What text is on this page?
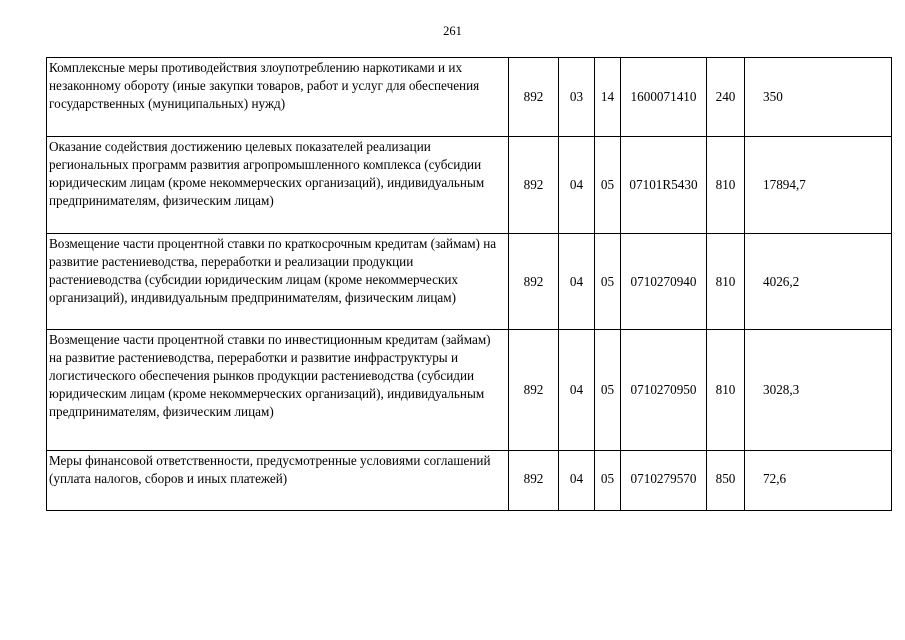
261
Комплексные меры противодействия злоупотреблению наркотиками и их незаконному обороту (иные закупки товаров, работ и услуг для обеспечения государственных (муниципальных) нужд)	892	03	14	1600071410	240	350
Оказание содействия достижению целевых показателей реализации региональных программ развития агропромышленного комплекса (субсидии юридическим лицам (кроме некоммерческих организаций), индивидуальным предпринимателям, физическим лицам)	892	04	05	07101R5430	810	17894,7
Возмещение части процентной ставки по краткосрочным кредитам (займам) на развитие растениеводства, переработки и реализации продукции растениеводства (субсидии юридическим лицам (кроме некоммерческих организаций), индивидуальным предпринимателям, физическим лицам)	892	04	05	0710270940	810	4026,2
Возмещение части процентной ставки по инвестиционным кредитам (займам) на развитие растениеводства, переработки и развитие инфраструктуры и логистического обеспечения рынков продукции растениеводства (субсидии юридическим лицам (кроме некоммерческих организаций), индивидуальным предпринимателям, физическим лицам)	892	04	05	0710270950	810	3028,3
Меры финансовой ответственности, предусмотренные условиями соглашений (уплата налогов, сборов и иных платежей)	892	04	05	0710279570	850	72,6
